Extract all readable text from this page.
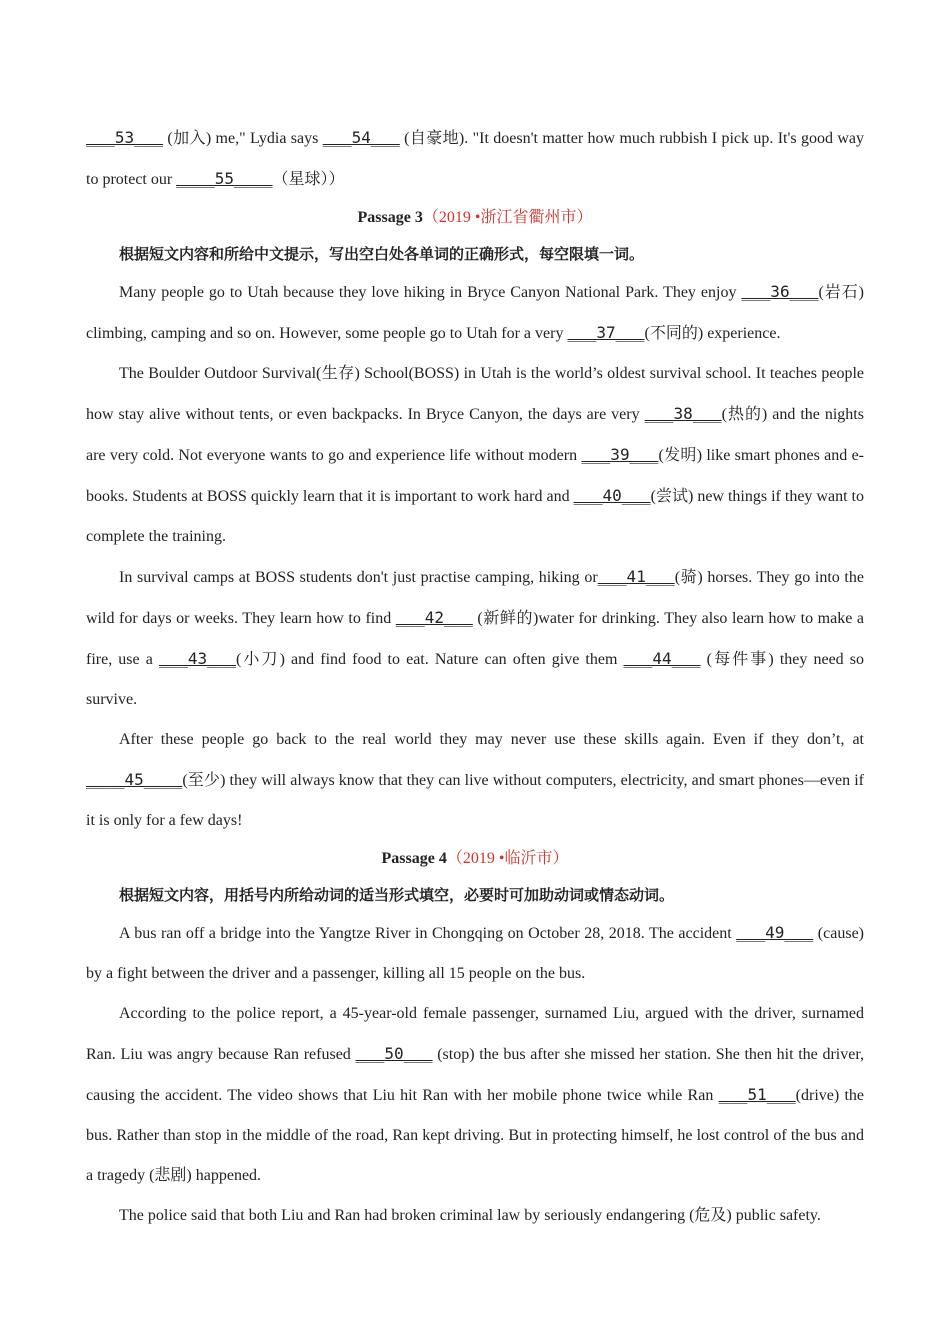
___53___ (加入) me," Lydia says ___54___ (自豪地). "It doesn't matter how much rubbish I pick up. It's good way to protect our ____55____（星球））

Passage 3（2019 •浙江省衢州市）

根据短文内容和所给中文提示，写出空白处各单词的正确形式，每空限填一词。

Many people go to Utah because they love hiking in Bryce Canyon National Park. They enjoy ___36___(岩石) climbing, camping and so on. However, some people go to Utah for a very ___37___(不同的) experience.

The Boulder Outdoor Survival(生存) School(BOSS) in Utah is the world’s oldest survival school. It teaches people how stay alive without tents, or even backpacks. In Bryce Canyon, the days are very ___38___(热的) and the nights are very cold. Not everyone wants to go and experience life without modern ___39___(发明) like smart phones and e-books. Students at BOSS quickly learn that it is important to work hard and ___40___(尝试) new things if they want to complete the training.

In survival camps at BOSS students don't just practise camping, hiking or___41___(骑) horses. They go into the wild for days or weeks. They learn how to find ___42___ (新鲜的)water for drinking. They also learn how to make a fire, use a ___43___(小刀) and find food to eat. Nature can often give them ___44___ (每件事) they need so survive.

After these people go back to the real world they may never use these skills again. Even if they don’t, at ____45____(至少) they will always know that they can live without computers, electricity, and smart phones—even if it is only for a few days!

Passage 4（2019 •临沂市）

根据短文内容，用括号内所给动词的适当形式填空，必要时可加助动词或情态动词。

A bus ran off a bridge into the Yangtze River in Chongqing on October 28, 2018. The accident ___49___ (cause) by a fight between the driver and a passenger, killing all 15 people on the bus.

According to the police report, a 45-year-old female passenger, surnamed Liu, argued with the driver, surnamed Ran. Liu was angry because Ran refused ___50___ (stop) the bus after she missed her station. She then hit the driver, causing the accident. The video shows that Liu hit Ran with her mobile phone twice while Ran ___51___(drive) the bus. Rather than stop in the middle of the road, Ran kept driving. But in protecting himself, he lost control of the bus and a tragedy (悲剧) happened.

The police said that both Liu and Ran had broken criminal law by seriously endangering (危及) public safety.
